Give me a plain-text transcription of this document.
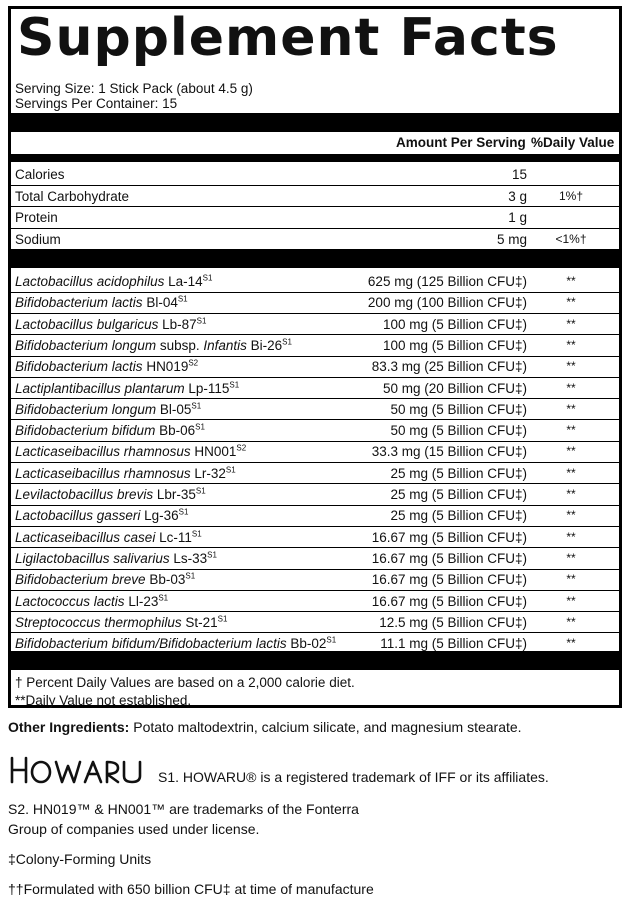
Supplement Facts
Serving Size: 1 Stick Pack (about 4.5 g)
Servings Per Container: 15
Amount Per Serving %Daily Value
Calories	15
Total Carbohydrate	3 g	1%†
Protein	1 g
Sodium	5 mg	<1%†
Lactobacillus acidophilus $La-14^{S1}$	625 mg (125 Billion CFU‡)	**
Bifidobacterium lactis $Bl-04^{S1}$	200 mg (100 Billion CFU‡)	**
Lactobacillus bulgaricus $Lb-87^{S1}$	100 mg (5 Billion CFU‡)	**
Bifidobacterium longum subsp. Infantis $Bi-26^{S1}$	100 mg (5 Billion CFU‡)	**
Bifidobacterium lactis $HN019^{S2}$	83.3 mg (25 Billion CFU‡)	**
Lactiplantibacillus plantarum $Lp-115^{S1}$	50 mg (20 Billion CFU‡)	**
Bifidobacterium longum $Bl-05^{S1}$	50 mg (5 Billion CFU‡)	**
Bifidobacterium bifidum $Bb-06^{S1}$	50 mg (5 Billion CFU‡)	**
Lacticaseibacillus rhamnosus $HN001^{S2}$	33.3 mg (15 Billion CFU‡)	**
Lacticaseibacillus rhamnosus $Lr-32^{S1}$	25 mg (5 Billion CFU‡)	**
Levilactobacillus brevis Lbr-$35^{S1}$	25 mg (5 Billion CFU‡)	**
Lactobacillus gasseri $Lg-36^{S1}$	25 mg (5 Billion CFU‡)	**
Lacticaseibacillus casei $Lc-11^{S1}$	16.67 mg (5 Billion CFU‡)	**
Ligilactobacillus salivarius $Ls-33^{S1}$	16.67 mg (5 Billion CFU‡)	**
Bifidobacterium breve $Bb-03^{S1}$	16.67 mg (5 Billion CFU‡)	**
Lactococcus lactis $Ll-23^{S1}$	16.67 mg (5 Billion CFU‡)	**
Streptococcus thermophilus $St-21^{S1}$	12.5 mg (5 Billion CFU‡)	**
Bifidobacterium bifidum/Bifidobacterium lactis $Bb-02^{S1}$	11.1 mg (5 Billion CFU‡)	**
† Percent Daily Values are based on a 2,000 calorie diet.
**Daily Value not established.
Other Ingredients: Potato maltodextrin, calcium silicate, and magnesium stearate.
S1. HOWARU® is a registered trademark of IFF or its affiliates.
S2. HN019™ & HN001™ are trademarks of the Fonterra
Group of companies used under license.
‡Colony-Forming Units
††Formulated with 650 billion CFU‡ at time of manufacture
